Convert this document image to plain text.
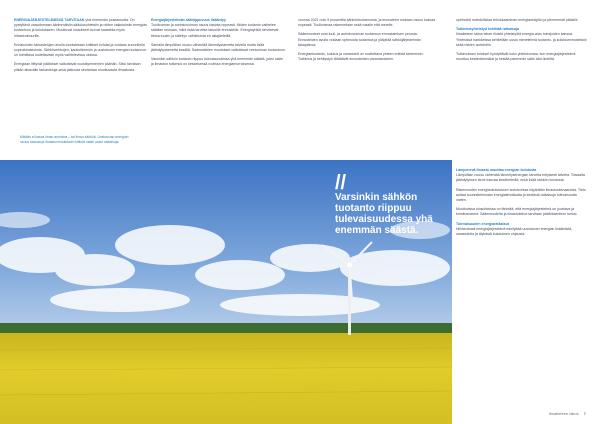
ENERGIAJÄRJESTELMÄSSÄ TARVITAAN yhä enemmän joustavuutta. On pystyttävä varautumaan äärimmäisiin sääolosuhteisiin ja niiden vaikutuksiin energian tuotantoon ja kulutukseen. Muuttuvat olosuhteet tuovat haasteita myös infrastruktuurille.

Ennakoivien tarkastelujen avulla tunnistetaan kriittiset kohdat ja voidaan suunnitella sopeutumistoimia. Sähköverkkojen, kaukolämmön ja uusiutuvan energian tuotannon on toimittava luotettavasti myös vaihtelevissa oloissa.

Energiaan liittyvät päätökset vaikuttavat vuosikymmenien päähän. Siksi tarvitaan pitkän aikavälin tarkasteluja sekä jatkuvaa seurantaa muuttuvasta ilmastosta.

Mikään ei kasva ilman aurinkoa – tai ilman sähköä. Uusiutuvan energian osuus kasvaa ja ilmastonmuutoksen hillintä vaatii uusia ratkaisuja.
Energiajärjestelmän sääriippuvuus lisääntyy

Tuulivoiman ja aurinkovoiman osuus kasvaa nopeasti. Niiden tuotanto vaihtelee säätilan mukaan, mikä lisää tarvetta tarkoille ennusteille. Energiayhtiöt tarvitsevat tietoa tuulen ja säteilyn vaihteluista eri aikajänteillä.

Samalla lämpötilan nousu vähentää lämmitystarvetta talvella mutta lisää jäähdytystarvetta kesällä. Sademäärien muutokset vaikuttavat vesivoiman tuotantoon.

Varsinkin sähkön tuotanto riippuu tulevaisuudessa yhä enemmän säästä, joten sään ja ilmaston tutkimus on keskeisessä roolissa energiamurroksessa.

vuonna 2021 noin 9 prosenttia sähköntuotannosta, ja ennusteen mukaan osuus kasvaa nopeasti. Tuulivoimaa rakennetaan sekä maalle että merelle.

Sääennusteet ovat tuuli- ja aurinkovoiman tuotannon ennustamisen perusta. Ennusteiden avulla voidaan optimoida tuotantoa ja ylläpitää sähköjärjestelmän tasapainoa.

Energiantuotanto, kulutus ja varastointi on sovitettava yhteen entistä tarkemmin. Tutkimus ja kehitystyö tähtäävät ennusteiden parantamiseen.

optimointi mahdollistaa tehokkaamman energiankäytön ja pienemmät päästöt.

Tutkimusyhteistyö kehittää ratkaisuja

Ilmatieteen laitos tekee tiivistä yhteistyötä energia-alan toimijoiden kanssa. Yhteisissä hankkeissa kehitetään uusia menetelmiä tuotanto- ja kulutusennusteisiin sekä riskien arviointiin.

Tutkimuksen tulokset hyödyttävät koko yhteiskuntaa, kun energiajärjestelmä muuttuu kestävämmäksi ja kestää paremmin sään ääri-ilmiöitä.

//
Varsinkin sähkön tuotanto riippuu tulevaisuudessa yhä enemmän säästä.
Lämpenevä ilmasto muuttaa energian kulutusta

Lämpötilan nousu vähentää lämmitysenergian tarvetta erityisesti talvella. Toisaalta jäähdytyksen tarve kasvaa kesähelteillä, mikä lisää sähkön kulutusta.

Rakennusten energiankulutuksen arvioinnissa käytetään ilmastoskenaarioita. Tieto auttaa suunnittelemaan energiatehokkaita ja kestäviä ratkaisuja tulevaisuutta varten.

Muuttuvissa olosuhteissa on tärkeää, että energiajärjestelmä on joustava ja toimitusvarma. Sääennusteita ja ilmastotietoa tarvitaan päätöksenteon tueksi.

Tulevaisuuden energiaratkaisut

Hiilineutraali energiajärjestelmä edellyttää uusiutuvan energian lisäämistä, varastointia ja älykästä kulutuksen ohjausta.

Ilmatieteen laitos 7
